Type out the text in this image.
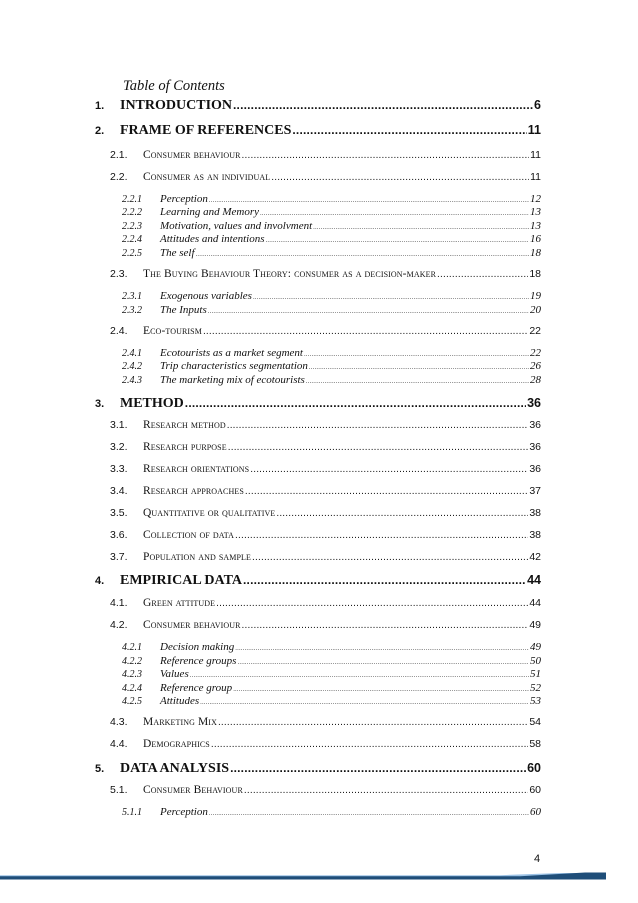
Table of Contents
1.	INTRODUCTION .....	6
2.	FRAME OF REFERENCES .....	11
2.1.	Consumer behaviour .....	11
2.2.	Consumer as an individual .....	11
2.2.1	Perception .....	12
2.2.2	Learning and Memory .....	13
2.2.3	Motivation, values and involvment .....	13
2.2.4	Attitudes and intentions .....	16
2.2.5	The self .....	18
2.3.	The Buying Behaviour Theory: consumer as a decision-maker .....	18
2.3.1	Exogenous variables .....	19
2.3.2	The Inputs .....	20
2.4.	Eco-tourism .....	22
2.4.1	Ecotourists as a market segment .....	22
2.4.2	Trip characteristics segmentation .....	26
2.4.3	The marketing mix of ecotourists .....	28
3.	METHOD .....	36
3.1.	Research method .....	36
3.2.	Research purpose .....	36
3.3.	Research orientations .....	36
3.4.	Research approaches .....	37
3.5.	Quantitative or qualitative .....	38
3.6.	Collection of data .....	38
3.7.	Population and sample .....	42
4.	EMPIRICAL DATA .....	44
4.1.	Green attitude .....	44
4.2.	Consumer behaviour .....	49
4.2.1	Decision making .....	49
4.2.2	Reference groups .....	50
4.2.3	Values .....	51
4.2.4	Reference group .....	52
4.2.5	Attitudes .....	53
4.3.	Marketing Mix .....	54
4.4.	Demographics .....	58
5.	DATA ANALYSIS .....	60
5.1.	Consumer Behaviour .....	60
5.1.1	Perception .....	60
4
